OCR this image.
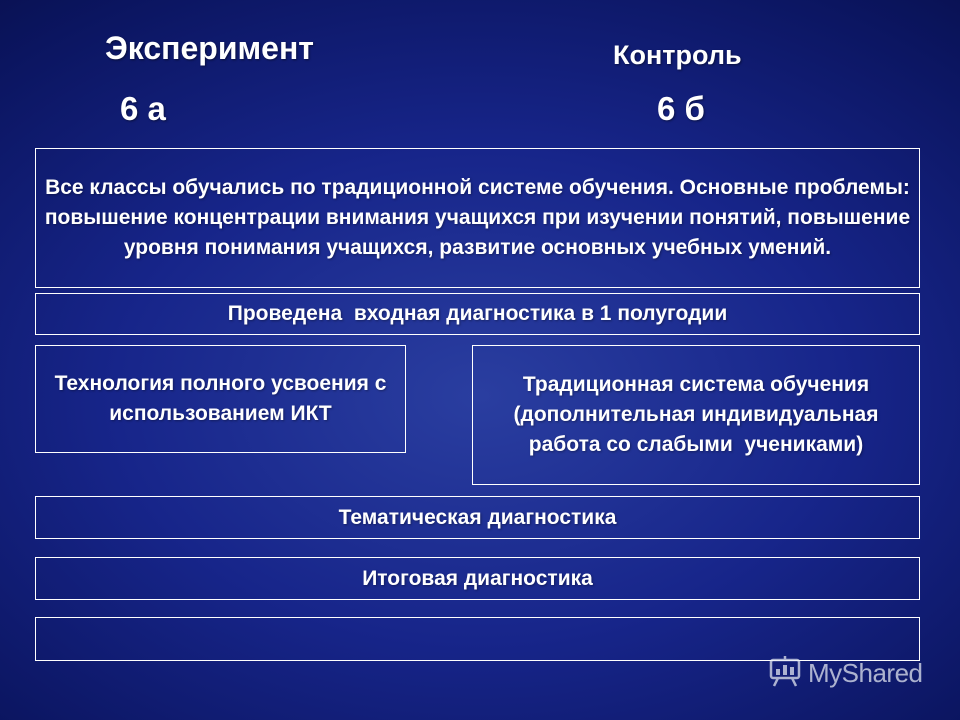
Эксперимент	Контроль
6 а	6 б
Все классы обучались по традиционной системе обучения. Основные проблемы: повышение концентрации внимания учащихся при изучении понятий, повышение уровня понимания учащихся, развитие основных учебных умений.
Проведена  входная диагностика в 1 полугодии
Технология полного усвоения с использованием ИКТ
Традиционная система обучения (дополнительная индивидуальная работа со слабыми  учениками)
Тематическая диагностика
Итоговая диагностика
MyShared
